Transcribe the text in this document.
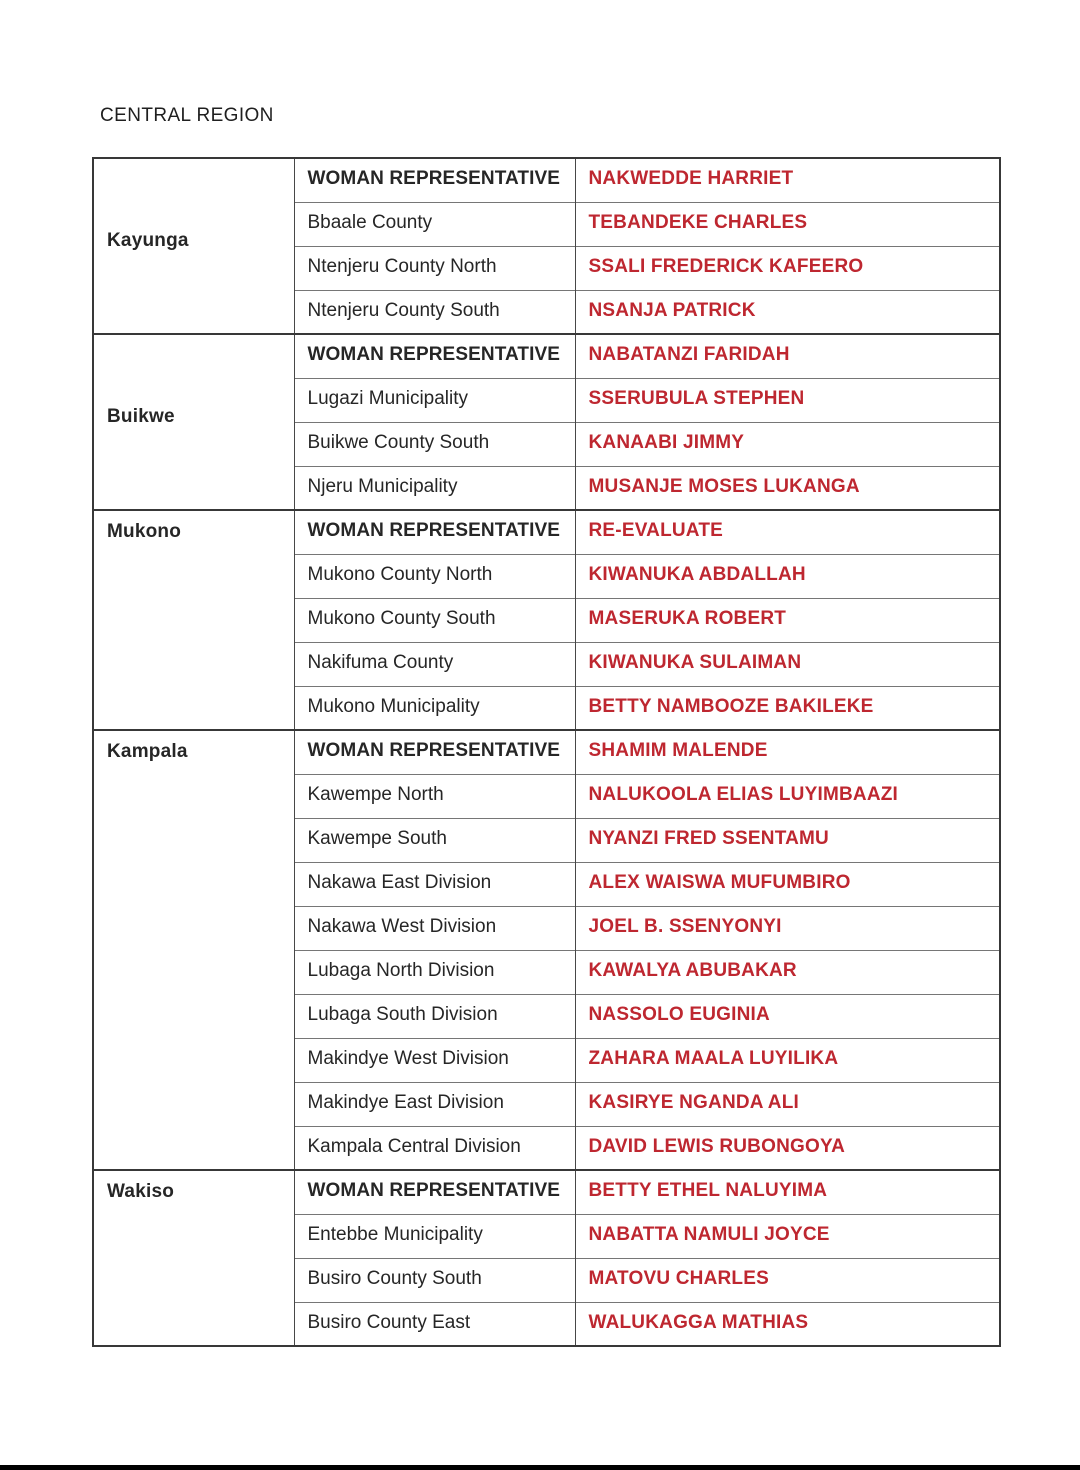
CENTRAL REGION
Kayunga	WOMAN REPRESENTATIVE	NAKWEDDE HARRIET
	Bbaale County	TEBANDEKE CHARLES
	Ntenjeru County North	SSALI FREDERICK KAFEERO
	Ntenjeru County South	NSANJA PATRICK
Buikwe	WOMAN REPRESENTATIVE	NABATANZI FARIDAH
	Lugazi Municipality	SSERUBULA STEPHEN
	Buikwe County South	KANAABI JIMMY
	Njeru Municipality	MUSANJE MOSES LUKANGA
Mukono	WOMAN REPRESENTATIVE	RE-EVALUATE
	Mukono County North	KIWANUKA ABDALLAH
	Mukono County South	MASERUKA ROBERT
	Nakifuma County	KIWANUKA SULAIMAN
	Mukono Municipality	BETTY NAMBOOZE BAKILEKE
Kampala	WOMAN REPRESENTATIVE	SHAMIM MALENDE
	Kawempe North	NALUKOOLA ELIAS LUYIMBAAZI
	Kawempe South	NYANZI FRED SSENTAMU
	Nakawa East Division	ALEX WAISWA MUFUMBIRO
	Nakawa West Division	JOEL B. SSENYONYI
	Lubaga North Division	KAWALYA ABUBAKAR
	Lubaga South Division	NASSOLO EUGINIA
	Makindye West Division	ZAHARA MAALA LUYILIKA
	Makindye East Division	KASIRYE NGANDA ALI
	Kampala Central Division	DAVID LEWIS RUBONGOYA
Wakiso	WOMAN REPRESENTATIVE	BETTY ETHEL NALUYIMA
	Entebbe Municipality	NABATTA NAMULI JOYCE
	Busiro County South	MATOVU CHARLES
	Busiro County East	WALUKAGGA MATHIAS
